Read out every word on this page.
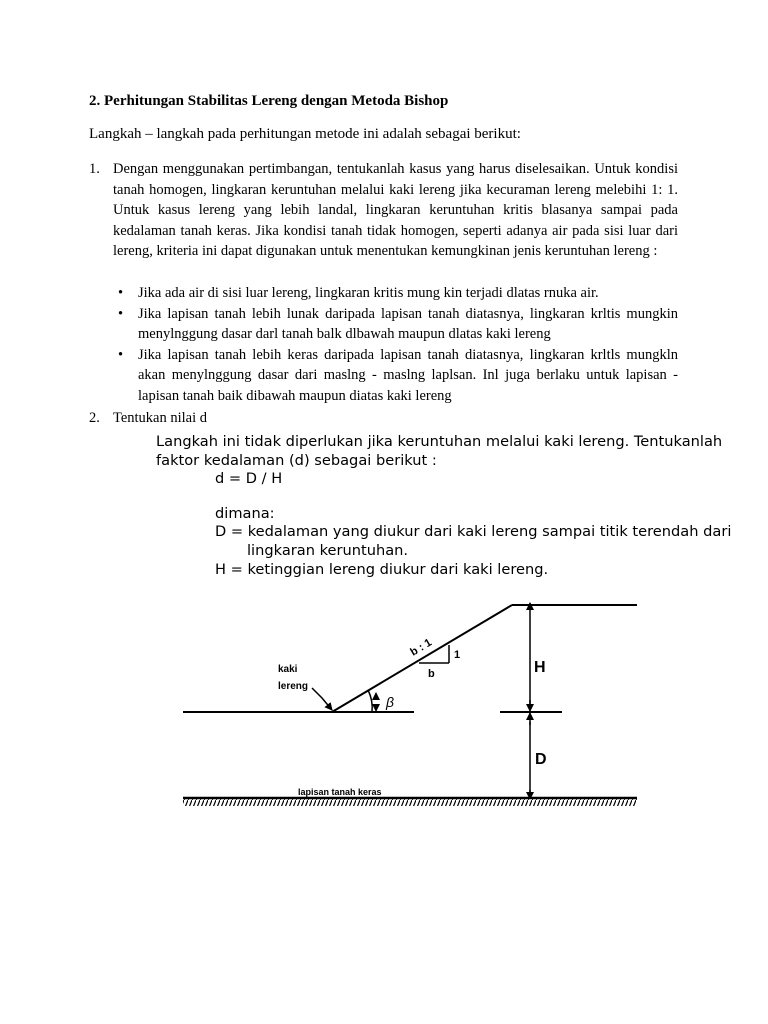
2. Perhitungan Stabilitas Lereng dengan Metoda Bishop
Langkah – langkah pada perhitungan metode ini adalah sebagai berikut:
1. Dengan menggunakan pertimbangan, tentukanlah kasus yang harus diselesaikan. Untuk kondisi tanah homogen, lingkaran keruntuhan melalui kaki lereng jika kecuraman lereng melebihi 1: 1. Untuk kasus lereng yang lebih landal, lingkaran keruntuhan kritis blasanya sampai pada kedalaman tanah keras. Jika kondisi tanah tidak homogen, seperti adanya air pada sisi luar dari lereng, kriteria ini dapat digunakan untuk menentukan kemungkinan jenis keruntuhan lereng :
• Jika ada air di sisi luar lereng, lingkaran kritis mung kin terjadi dlatas rnuka air.
• Jika lapisan tanah lebih lunak daripada lapisan tanah diatasnya, lingkaran krltis mungkin menylnggung dasar darl tanah balk dlbawah maupun dlatas kaki lereng
• Jika lapisan tanah lebih keras daripada lapisan tanah diatasnya, lingkaran krltls mungkln akan menylnggung dasar dari maslng - maslng laplsan. Inl juga berlaku untuk lapisan - lapisan tanah baik dibawah maupun diatas kaki lereng
2. Tentukan nilai d
Langkah ini tidak diperlukan jika keruntuhan melalui kaki lereng. Tentukanlah
faktor kedalaman (d) sebagai berikut :
d = D / H
dimana:
D = kedalaman yang diukur dari kaki lereng sampai titik terendah dari
lingkaran keruntuhan.
H = ketinggian lereng diukur dari kaki lereng.
kaki
lereng
b : 1 1
b
β
H
D
lapisan tanah keras
